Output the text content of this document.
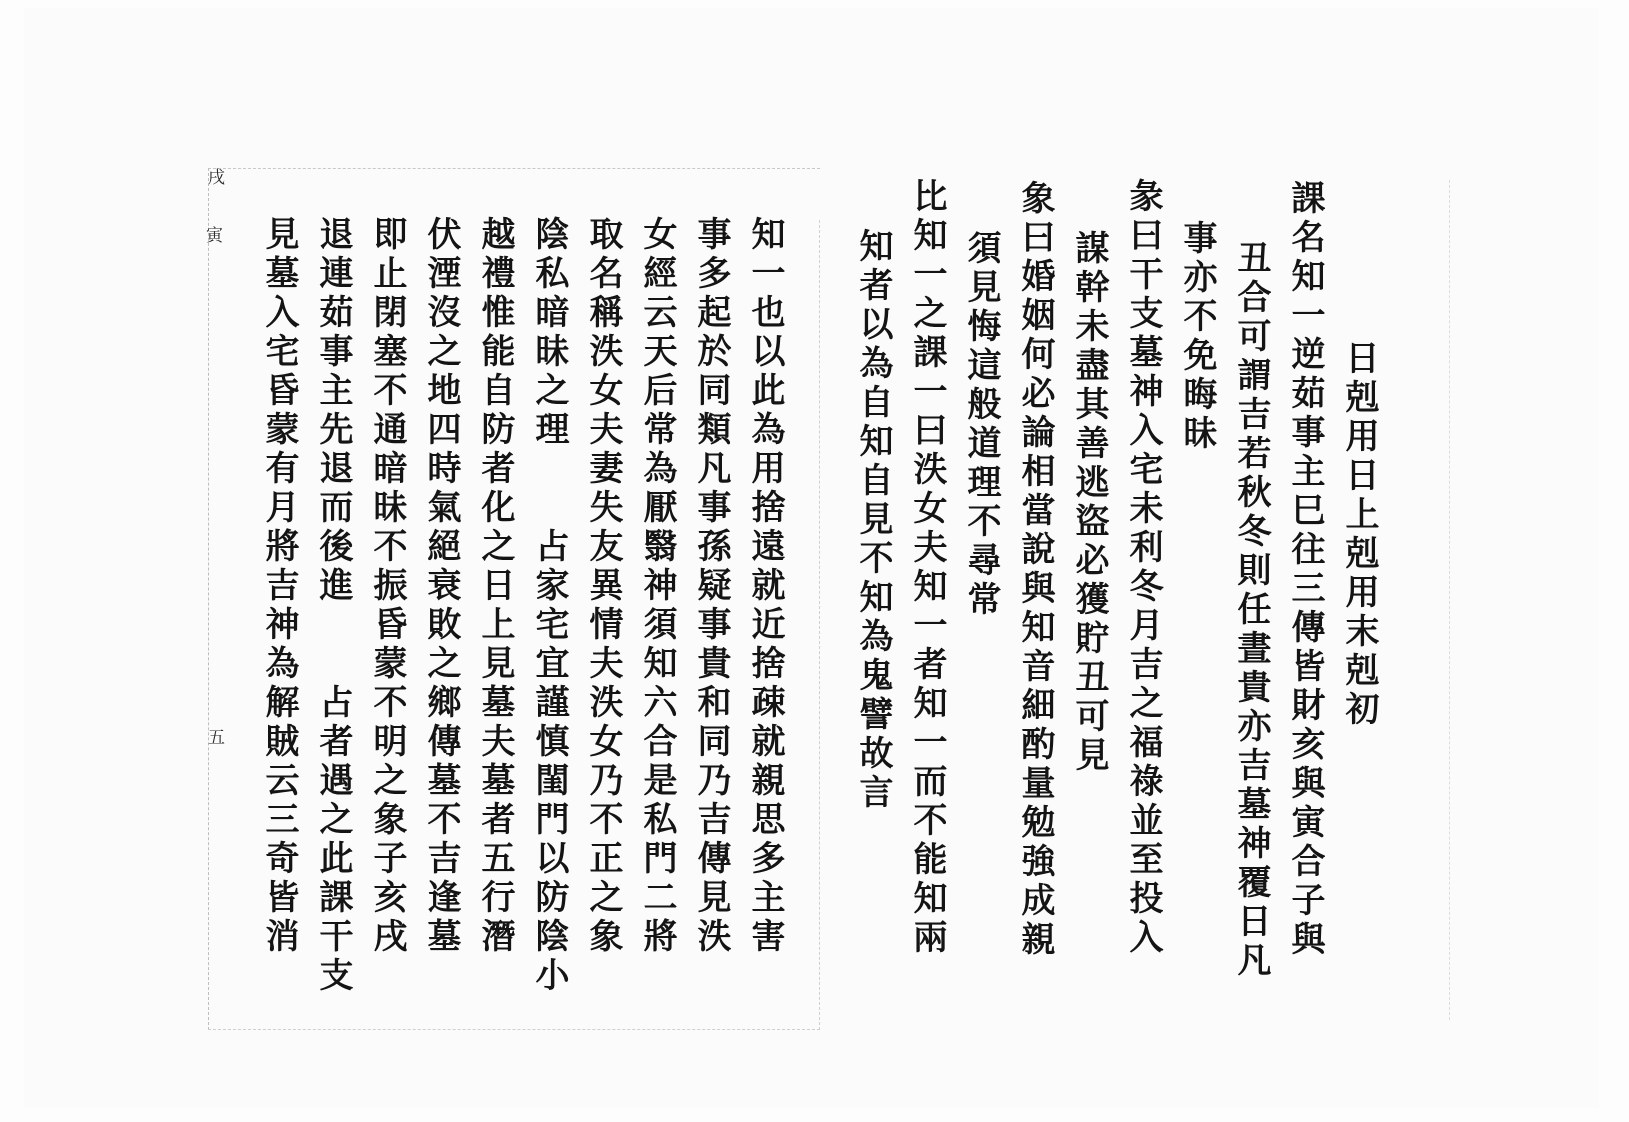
日剋用日上剋用末剋初
課名知一逆茹事主巳往三傳皆財亥與寅合子與
丑合可謂吉若秋冬則任晝貴亦吉墓神覆日凡
事亦不免晦昧
彖曰干支墓神入宅未利冬月吉之福祿並至投入
謀幹未盡其善逃盜必獲貯丑可見
象曰婚姻何必論相當說與知音細酌量勉強成親
須見悔這般道理不尋常
比知一之課一曰泆女夫知一者知一而不能知兩
知者以為自知自見不知為鬼譬故言
知一也以此為用捨遠就近捨疎就親思多主害
事多起於同類凡事孫疑事貴和同乃吉傳見泆
女經云天后常為厭翳神須知六合是私門二將
取名稱泆女夫妻失友異情夫泆女乃不正之象
陰私暗昧之理　　占家宅宜謹慎閨門以防陰小
越禮惟能自防者化之日上見墓夫墓者五行潛
伏湮沒之地四時氣絕衰敗之鄉傳墓不吉逢墓
即止閉塞不通暗昧不振昏蒙不明之象子亥戌
退連茹事主先退而後進　　占者遇之此課干支
見墓入宅昏蒙有月將吉神為解賊云三奇皆消
戌
寅
五
